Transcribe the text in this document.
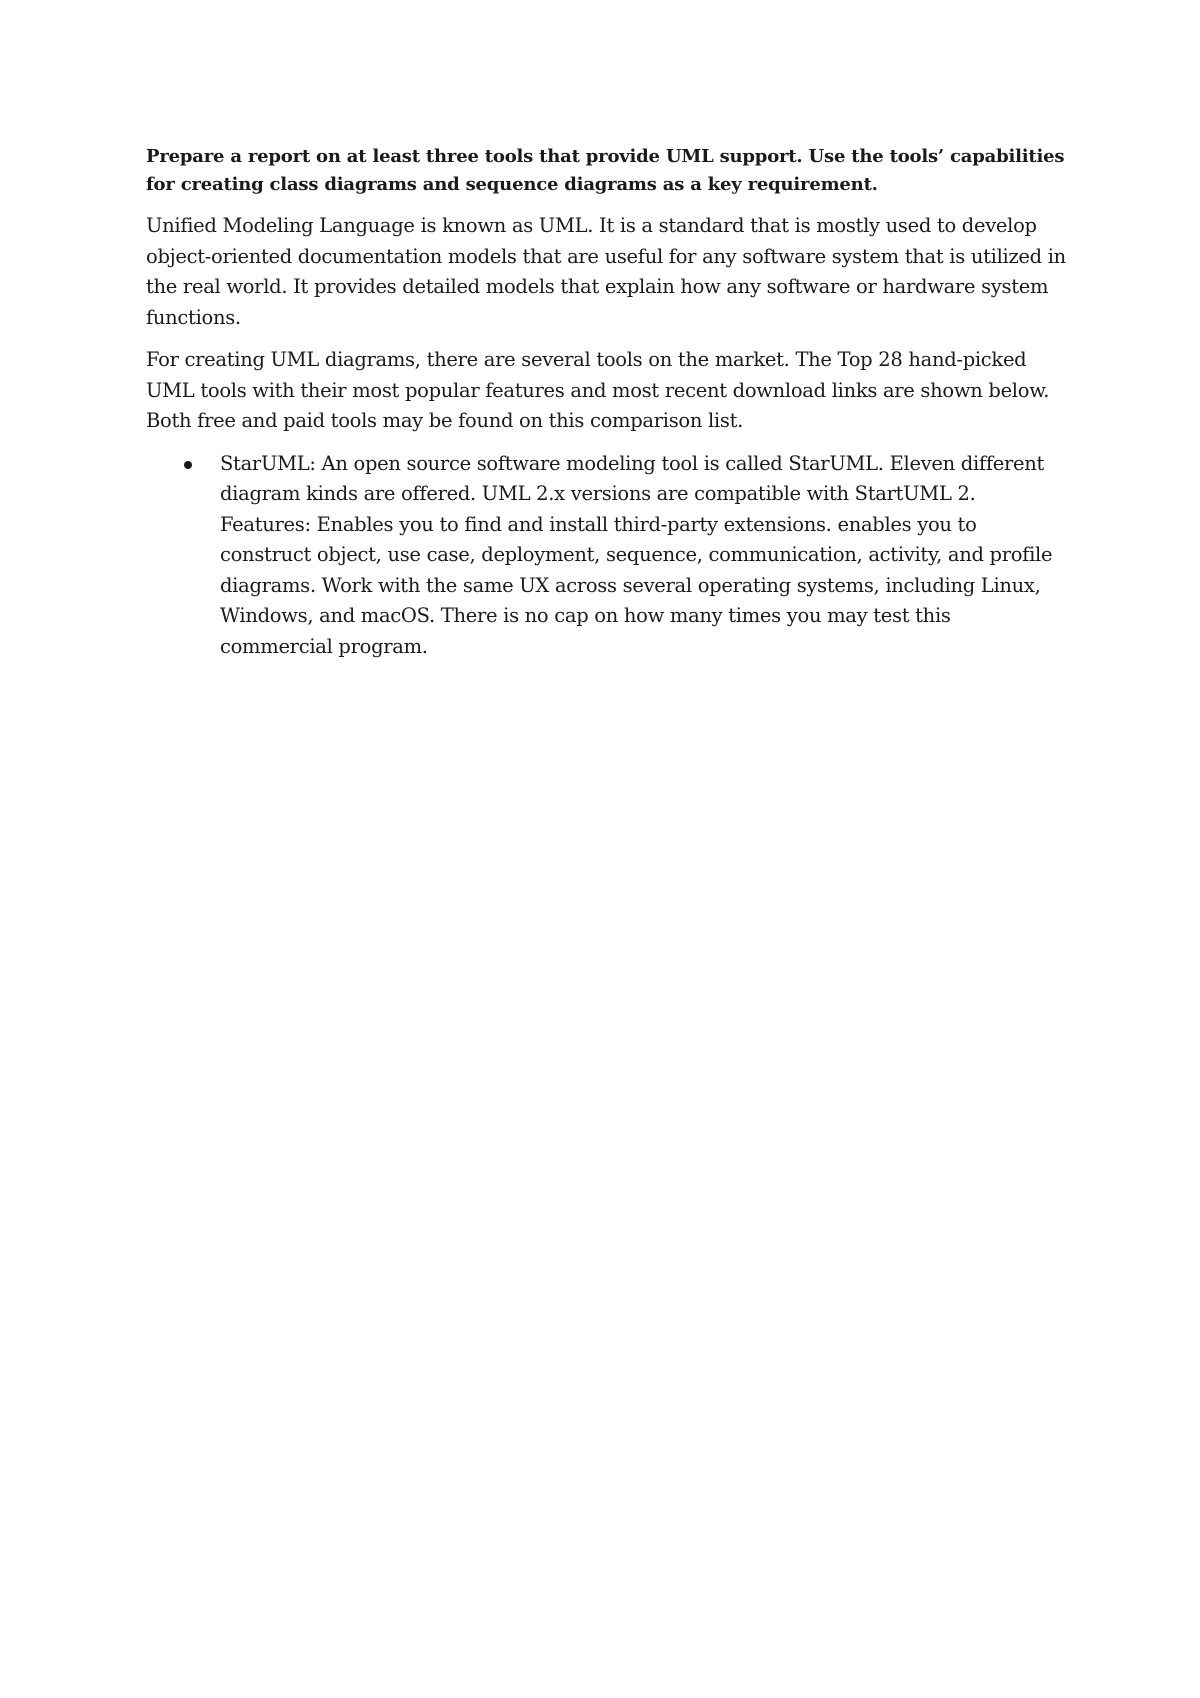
Prepare a report on at least three tools that provide UML support. Use the tools’ capabilities for creating class diagrams and sequence diagrams as a key requirement.

Unified Modeling Language is known as UML. It is a standard that is mostly used to develop object-oriented documentation models that are useful for any software system that is utilized in the real world. It provides detailed models that explain how any software or hardware system functions.

For creating UML diagrams, there are several tools on the market. The Top 28 hand-picked UML tools with their most popular features and most recent download links are shown below. Both free and paid tools may be found on this comparison list.

StarUML: An open source software modeling tool is called StarUML. Eleven different diagram kinds are offered. UML 2.x versions are compatible with StartUML 2.
Features: Enables you to find and install third-party extensions. enables you to construct object, use case, deployment, sequence, communication, activity, and profile diagrams. Work with the same UX across several operating systems, including Linux, Windows, and macOS. There is no cap on how many times you may test this commercial program.
